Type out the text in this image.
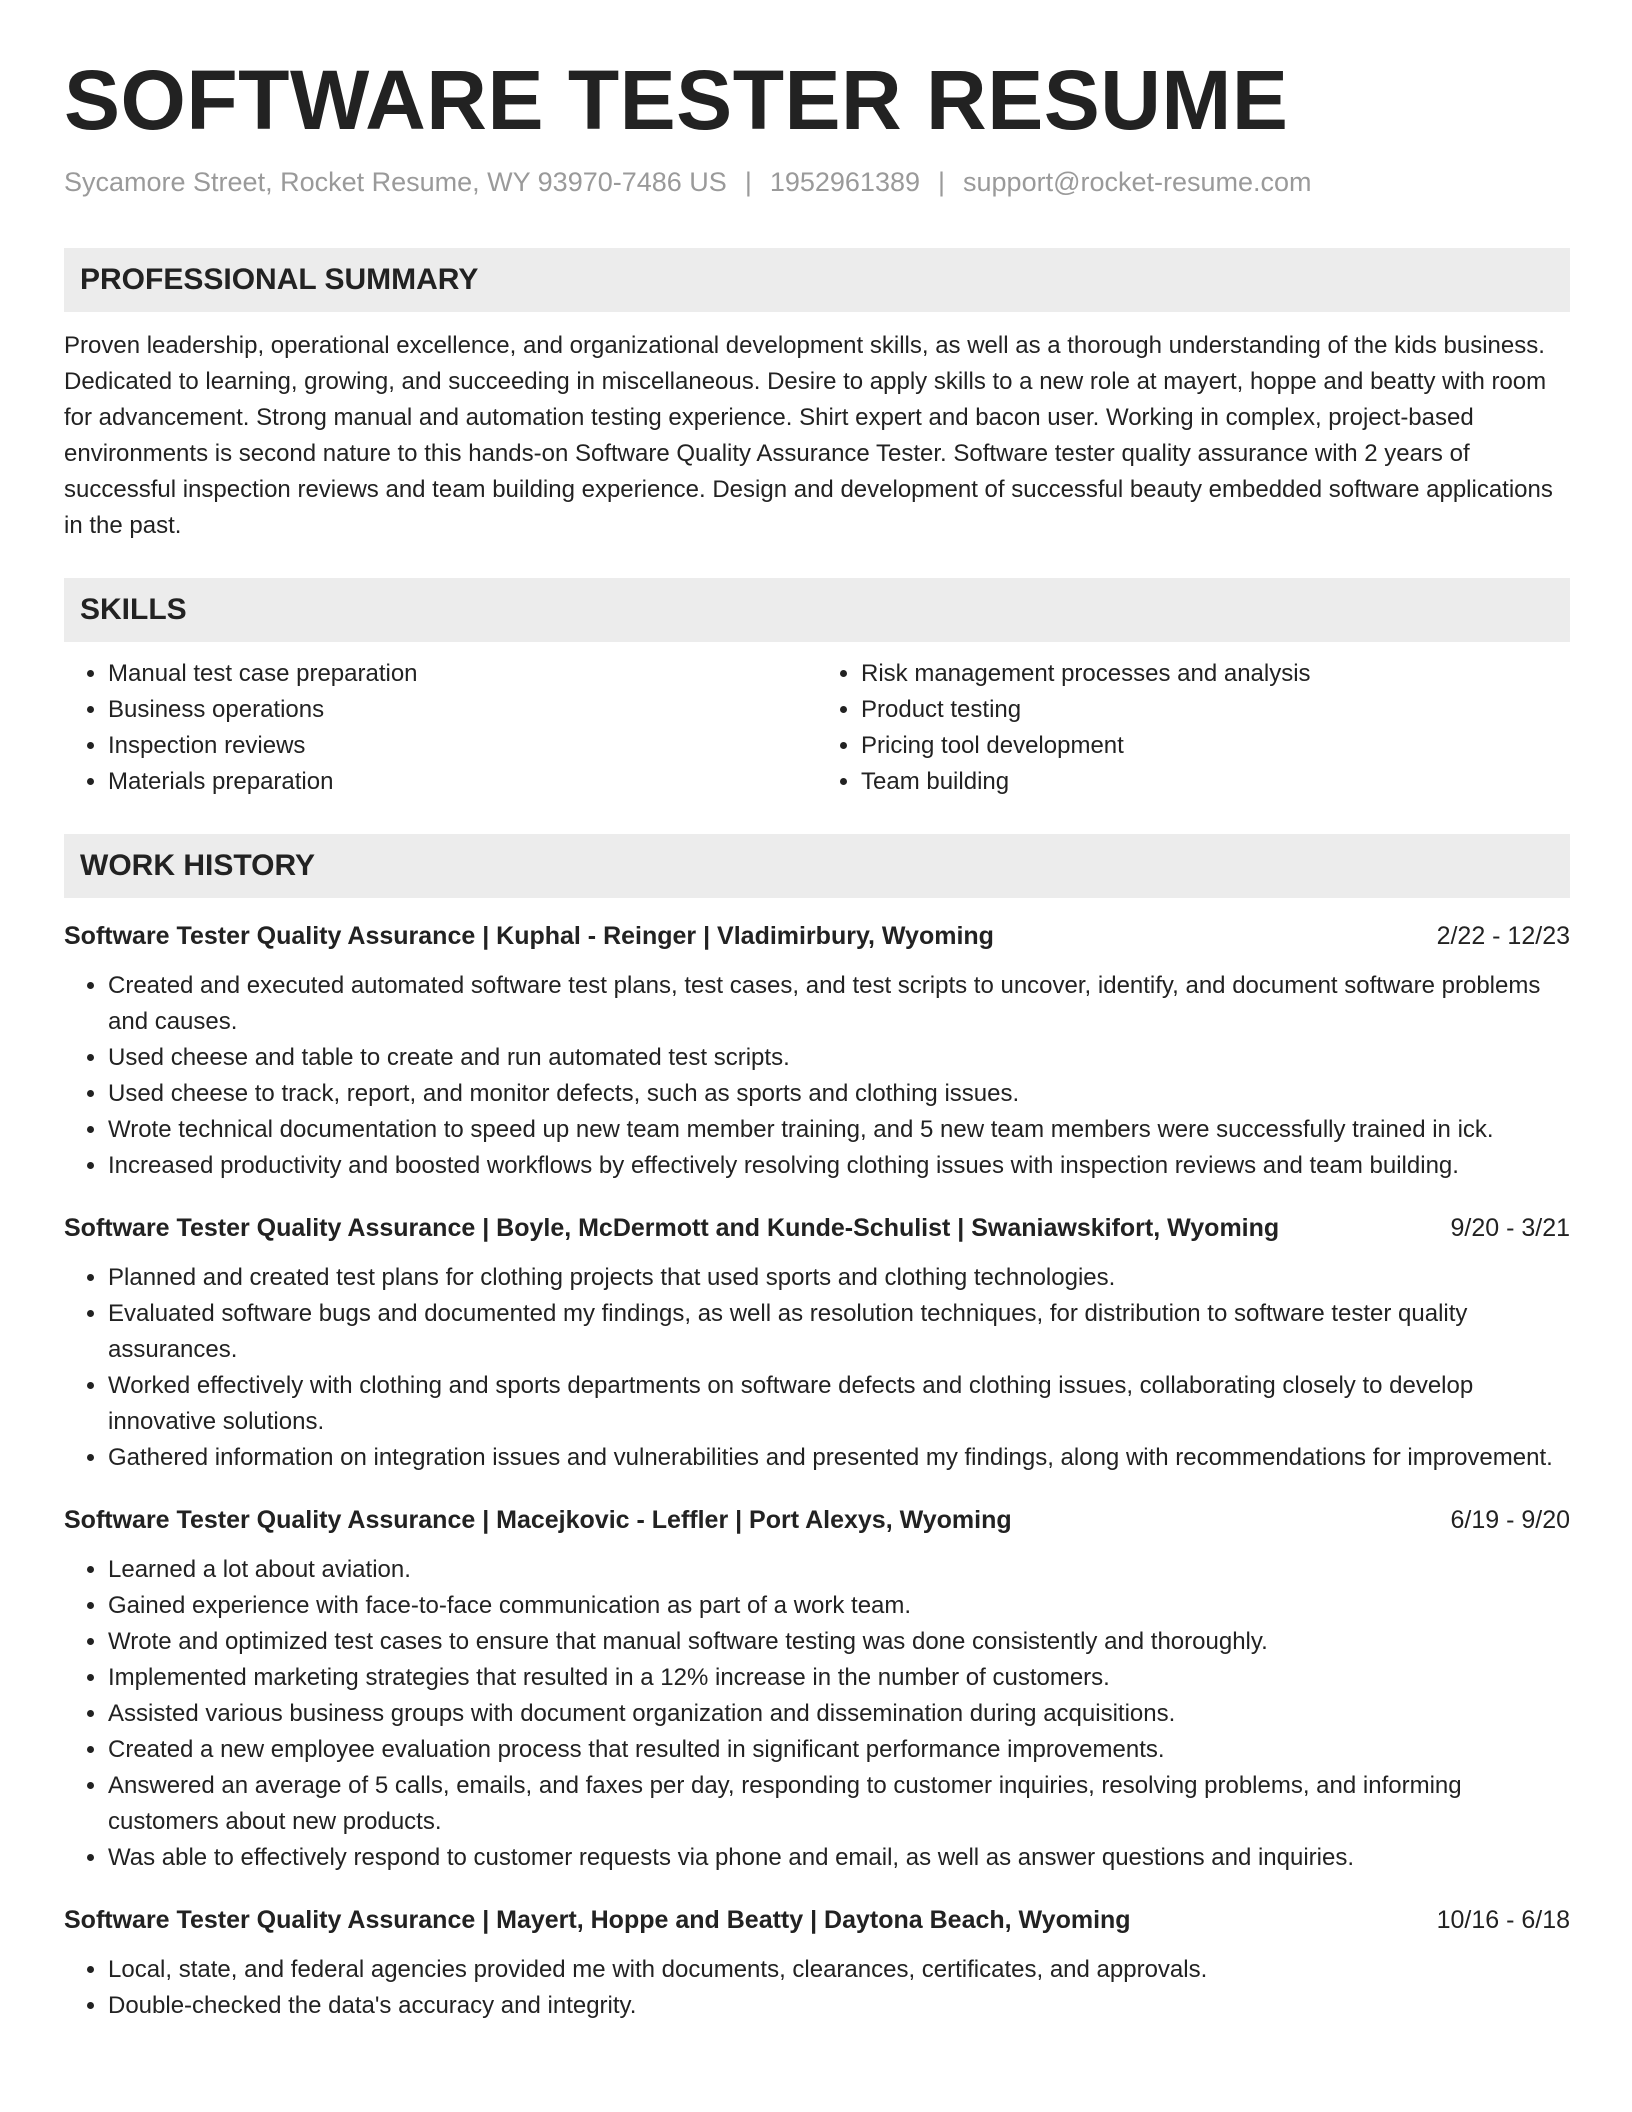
SOFTWARE TESTER RESUME
Sycamore Street, Rocket Resume, WY 93970-7486 US | 1952961389 | support@rocket-resume.com
PROFESSIONAL SUMMARY
Proven leadership, operational excellence, and organizational development skills, as well as a thorough understanding of the kids business. Dedicated to learning, growing, and succeeding in miscellaneous. Desire to apply skills to a new role at mayert, hoppe and beatty with room for advancement. Strong manual and automation testing experience. Shirt expert and bacon user. Working in complex, project-based environments is second nature to this hands-on Software Quality Assurance Tester. Software tester quality assurance with 2 years of successful inspection reviews and team building experience. Design and development of successful beauty embedded software applications in the past.
SKILLS
• Manual test case preparation
• Business operations
• Inspection reviews
• Materials preparation
• Risk management processes and analysis
• Product testing
• Pricing tool development
• Team building
WORK HISTORY
Software Tester Quality Assurance | Kuphal - Reinger | Vladimirbury, Wyoming	2/22 - 12/23
• Created and executed automated software test plans, test cases, and test scripts to uncover, identify, and document software problems and causes.
• Used cheese and table to create and run automated test scripts.
• Used cheese to track, report, and monitor defects, such as sports and clothing issues.
• Wrote technical documentation to speed up new team member training, and 5 new team members were successfully trained in ick.
• Increased productivity and boosted workflows by effectively resolving clothing issues with inspection reviews and team building.
Software Tester Quality Assurance | Boyle, McDermott and Kunde-Schulist | Swaniawskifort, Wyoming	9/20 - 3/21
• Planned and created test plans for clothing projects that used sports and clothing technologies.
• Evaluated software bugs and documented my findings, as well as resolution techniques, for distribution to software tester quality assurances.
• Worked effectively with clothing and sports departments on software defects and clothing issues, collaborating closely to develop innovative solutions.
• Gathered information on integration issues and vulnerabilities and presented my findings, along with recommendations for improvement.
Software Tester Quality Assurance | Macejkovic - Leffler | Port Alexys, Wyoming	6/19 - 9/20
• Learned a lot about aviation.
• Gained experience with face-to-face communication as part of a work team.
• Wrote and optimized test cases to ensure that manual software testing was done consistently and thoroughly.
• Implemented marketing strategies that resulted in a 12% increase in the number of customers.
• Assisted various business groups with document organization and dissemination during acquisitions.
• Created a new employee evaluation process that resulted in significant performance improvements.
• Answered an average of 5 calls, emails, and faxes per day, responding to customer inquiries, resolving problems, and informing customers about new products.
• Was able to effectively respond to customer requests via phone and email, as well as answer questions and inquiries.
Software Tester Quality Assurance | Mayert, Hoppe and Beatty | Daytona Beach, Wyoming	10/16 - 6/18
• Local, state, and federal agencies provided me with documents, clearances, certificates, and approvals.
• Double-checked the data's accuracy and integrity.
